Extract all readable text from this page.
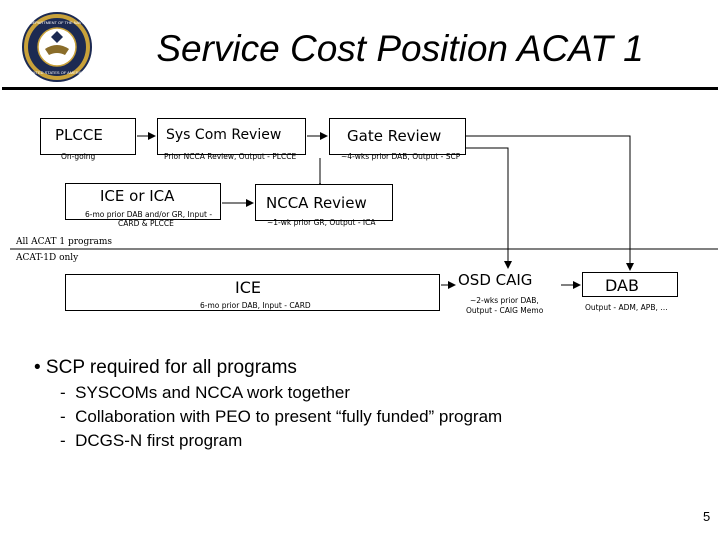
DEPARTMENT OF THE NAVY
UNITED STATES OF AMERICA
Service Cost Position ACAT 1
PLCCE
On-going
Sys Com Review
Prior NCCA Review, Output - PLCCE
Gate Review
~4-wks prior DAB, Output - SCP
ICE or ICA
6-mo prior DAB and/or GR, Input -
CARD & PLCCE
NCCA Review
~1-wk prior GR, Output - ICA
All ACAT 1 programs
ACAT-1D only
ICE
6-mo prior DAB, Input - CARD
OSD CAIG
~2-wks prior DAB,
Output - CAIG Memo
DAB
Output - ADM, APB, …
• SCP required for all programs
-  SYSCOMs and NCCA work together
-  Collaboration with PEO to present “fully funded” program
-  DCGS-N first program
5
